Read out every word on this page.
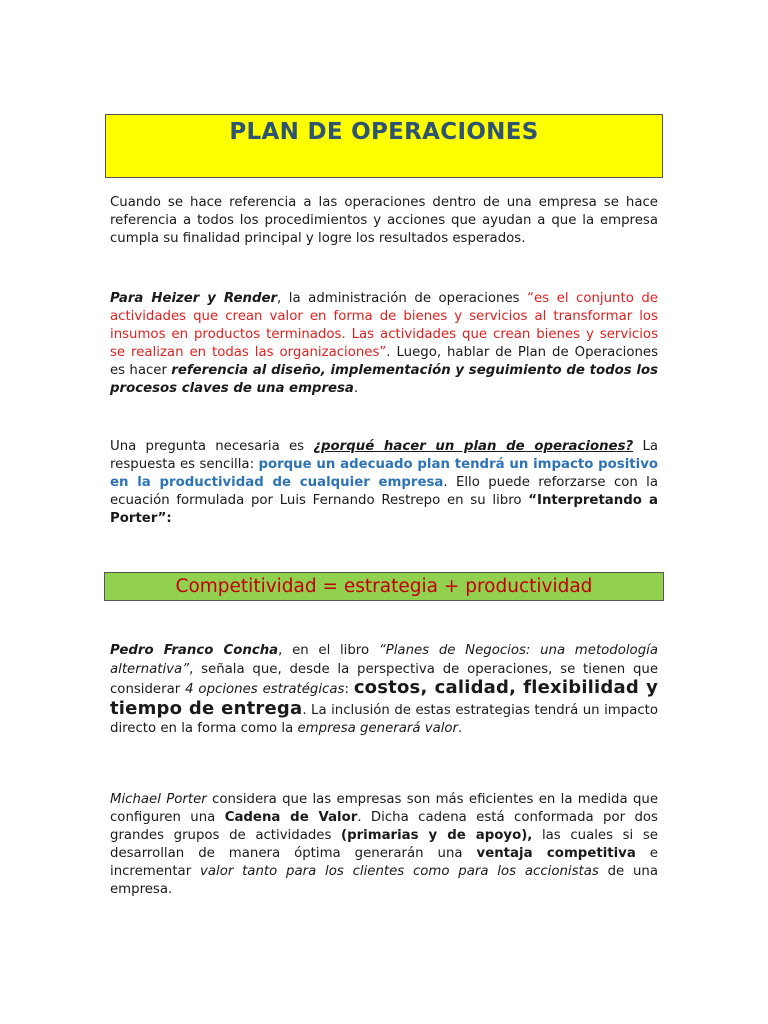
PLAN DE OPERACIONES

Cuando se hace referencia a las operaciones dentro de una empresa se hace referencia a todos los procedimientos y acciones que ayudan a que la empresa cumpla su finalidad principal y logre los resultados esperados.

Para Heizer y Render, la administración de operaciones “es el conjunto de actividades que crean valor en forma de bienes y servicios al transformar los insumos en productos terminados. Las actividades que crean bienes y servicios se realizan en todas las organizaciones”. Luego, hablar de Plan de Operaciones es hacer referencia al diseño, implementación y seguimiento de todos los procesos claves de una empresa.

Una pregunta necesaria es ¿porqué hacer un plan de operaciones? La respuesta es sencilla: porque un adecuado plan tendrá un impacto positivo en la productividad de cualquier empresa. Ello puede reforzarse con la ecuación formulada por Luis Fernando Restrepo en su libro “Interpretando a Porter”:

Competitividad = estrategia + productividad

Pedro Franco Concha, en el libro “Planes de Negocios: una metodología alternativa”, señala que, desde la perspectiva de operaciones, se tienen que considerar 4 opciones estratégicas: costos, calidad, flexibilidad y tiempo de entrega. La inclusión de estas estrategias tendrá un impacto directo en la forma como la empresa generará valor.

Michael Porter considera que las empresas son más eficientes en la medida que configuren una Cadena de Valor. Dicha cadena está conformada por dos grandes grupos de actividades (primarias y de apoyo), las cuales si se desarrollan de manera óptima generarán una ventaja competitiva e incrementar valor tanto para los clientes como para los accionistas de una empresa.
